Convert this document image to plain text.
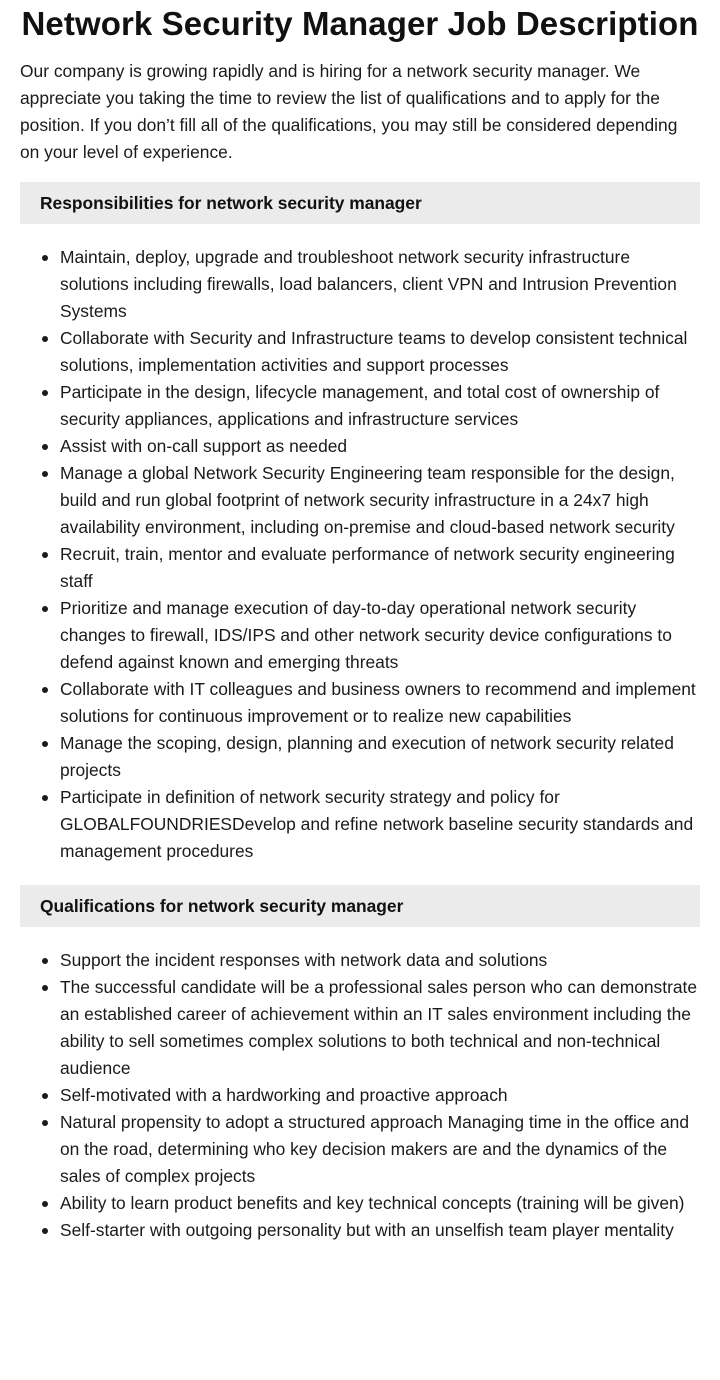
Network Security Manager Job Description

Our company is growing rapidly and is hiring for a network security manager. We appreciate you taking the time to review the list of qualifications and to apply for the position. If you don’t fill all of the qualifications, you may still be considered depending on your level of experience.

Responsibilities for network security manager
Maintain, deploy, upgrade and troubleshoot network security infrastructure solutions including firewalls, load balancers, client VPN and Intrusion Prevention Systems
Collaborate with Security and Infrastructure teams to develop consistent technical solutions, implementation activities and support processes
Participate in the design, lifecycle management, and total cost of ownership of security appliances, applications and infrastructure services
Assist with on-call support as needed
Manage a global Network Security Engineering team responsible for the design, build and run global footprint of network security infrastructure in a 24x7 high availability environment, including on-premise and cloud-based network security
Recruit, train, mentor and evaluate performance of network security engineering staff
Prioritize and manage execution of day-to-day operational network security changes to firewall, IDS/IPS and other network security device configurations to defend against known and emerging threats
Collaborate with IT colleagues and business owners to recommend and implement solutions for continuous improvement or to realize new capabilities
Manage the scoping, design, planning and execution of network security related projects
Participate in definition of network security strategy and policy for GLOBALFOUNDRIESDevelop and refine network baseline security standards and management procedures
Qualifications for network security manager
Support the incident responses with network data and solutions
The successful candidate will be a professional sales person who can demonstrate an established career of achievement within an IT sales environment including the ability to sell sometimes complex solutions to both technical and non-technical audience
Self-motivated with a hardworking and proactive approach
Natural propensity to adopt a structured approach Managing time in the office and on the road, determining who key decision makers are and the dynamics of the sales of complex projects
Ability to learn product benefits and key technical concepts (training will be given)
Self-starter with outgoing personality but with an unselfish team player mentality
